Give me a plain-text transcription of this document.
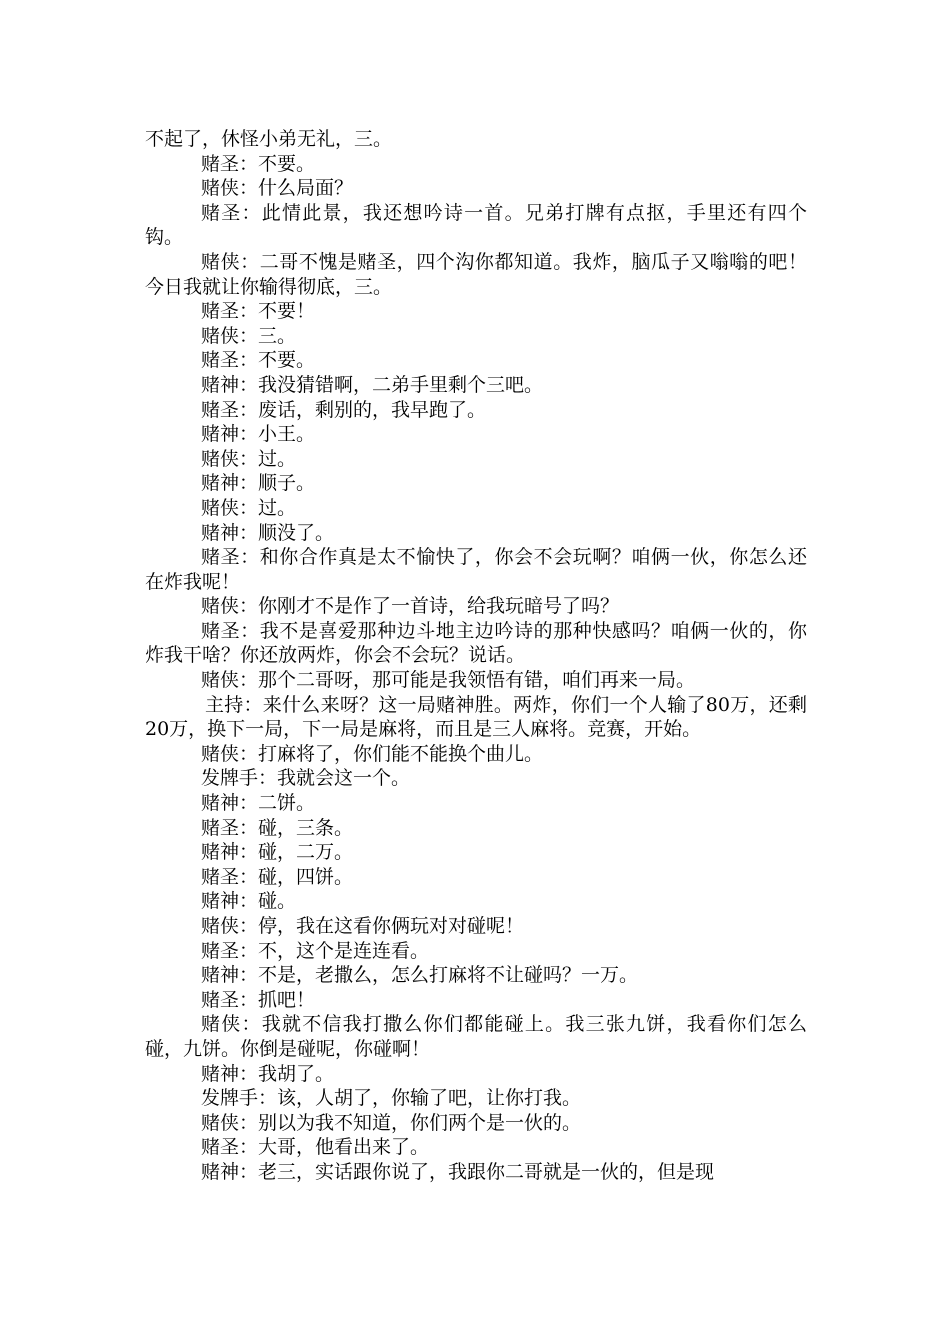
不起了，休怪小弟无礼，三。

赌圣：不要。

赌侠：什么局面？

赌圣：此情此景，我还想吟诗一首。兄弟打牌有点抠，手里还有四个钩。

赌侠：二哥不愧是赌圣，四个沟你都知道。我炸，脑瓜子又嗡嗡的吧！今日我就让你输得彻底，三。

赌圣：不要！

赌侠：三。

赌圣：不要。

赌神：我没猜错啊，二弟手里剩个三吧。

赌圣：废话，剩别的，我早跑了。

赌神：小王。

赌侠：过。

赌神：顺子。

赌侠：过。

赌神：顺没了。

赌圣：和你合作真是太不愉快了，你会不会玩啊？咱俩一伙，你怎么还在炸我呢！

赌侠：你刚才不是作了一首诗，给我玩暗号了吗？

赌圣：我不是喜爱那种边斗地主边吟诗的那种快感吗？咱俩一伙的，你炸我干啥？你还放两炸，你会不会玩？说话。

赌侠：那个二哥呀，那可能是我领悟有错，咱们再来一局。

主持：来什么来呀？这一局赌神胜。两炸，你们一个人输了80万，还剩20万，换下一局，下一局是麻将，而且是三人麻将。竞赛，开始。

赌侠：打麻将了，你们能不能换个曲儿。

发牌手：我就会这一个。

赌神：二饼。

赌圣：碰，三条。

赌神：碰，二万。

赌圣：碰，四饼。

赌神：碰。

赌侠：停，我在这看你俩玩对对碰呢！

赌圣：不，这个是连连看。

赌神：不是，老撒么，怎么打麻将不让碰吗？一万。

赌圣：抓吧！

赌侠：我就不信我打撒么你们都能碰上。我三张九饼，我看你们怎么碰，九饼。你倒是碰呢，你碰啊！

赌神：我胡了。

发牌手：该，人胡了，你输了吧，让你打我。

赌侠：别以为我不知道，你们两个是一伙的。

赌圣：大哥，他看出来了。

赌神：老三，实话跟你说了，我跟你二哥就是一伙的，但是现
